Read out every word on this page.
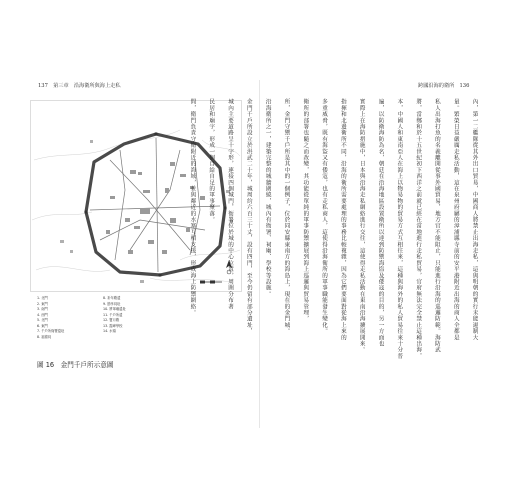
137　第三章　沿海衛所與海上走私	跨國沿海的衛所　136
1. 北門
2. 東門
3. 南門
4. 西門
5. 北門
6. 東門
7. 千戶所衙署遺址
8. 福德祠
8. 祈年殿遺
9. 節孝祠址
10. 將軍廟遺址
11. 千戶所遺
12. 寶月殿
13. 霞峰學校
14. 水頭
圖 16　金門千戶所示意圖

內，第一二艦隊從其外出口貿易，中國商人將禁止出海走私，這與明朝的實行未能遏制大

量。繁榮日益嚴厲走私活動，這在泉州府屬的漳浦縣寺前的安平港附近出海的商人全都是

私人出海打魚的名義離開從事外國貿易，地方官不能阻止，只能進行沿海的巡邏防範。海防武

將，當鄭和於十五世紀初下西洋之前就已經在當地進行走私貿易，官府無法完全禁止這種出海，

本，中國人和東南亞人在海上以物易物的貿易方式互相往來，這種與海外的私人貿易往來十分普

遍，以防衛海防為名，朝廷在沿海地區設置衛所以達到防禦海盜及倭寇的目的，另一方面也

實際上在海防措施中，日本與沿海走私網絡進行交往，這使得走私活動在東南沿海擴展開來。

指揮和北邊衛所不同，沿海的衛所需要處理的事務比較複雜，因為它們要面對從海上來的

多重威脅，既有海盜又有倭寇，也有走私商人，這使得沿海衛所的軍事職能發生變化。

衛所的部署也隨之而改變，其功能從單純的軍事防禦擴展到海上巡邏與貿易管理，

所，金門守禦千戶所是其中的一個例子，位於同安縣東南方的海島上，現在的金門城。

沿海衛所之一，建築完整的城牆圍繞，城內有衙署、祠廟、學校等設施。

金門千戶所設立於洪武二十年，城周約六百三十丈，設有四門，至今仍留有部分遺址，

城內主要道路呈十字形，連接四個城門，衙署位於城的中心位置，周圍分布著

民居和廟宇，形成一個自給自足的軍事聚落。

問，衛門負責守衛附近的海域，並與鄰近的水寨互相支援，形成海上防禦網絡。
